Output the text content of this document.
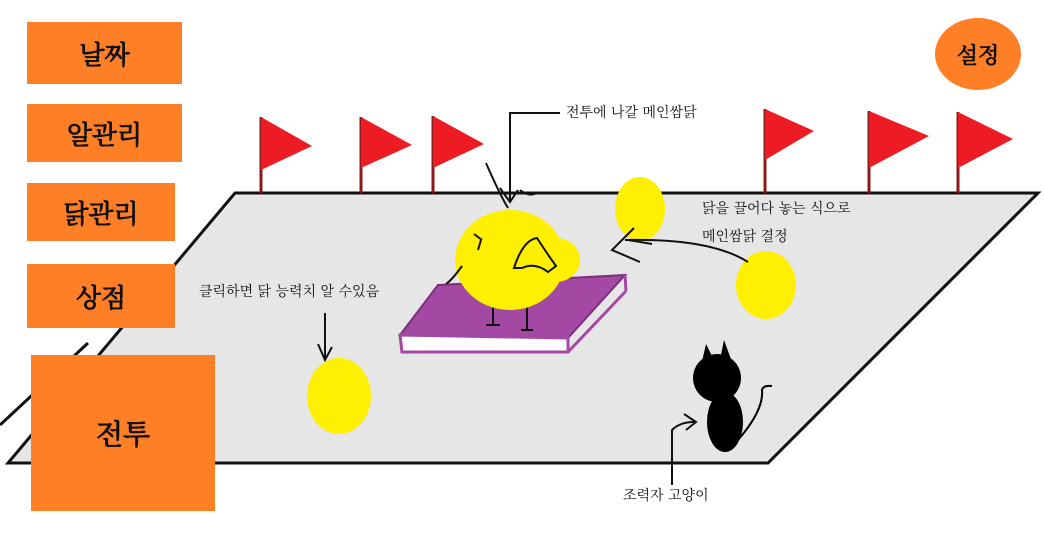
날짜
알관리
닭관리
상점
전투
설정
전투에 나갈 메인쌈닭
닭을 끌어다 놓는 식으로
메인쌈닭 결정
클릭하면 닭 능력치 알 수있음
조력자 고양이
